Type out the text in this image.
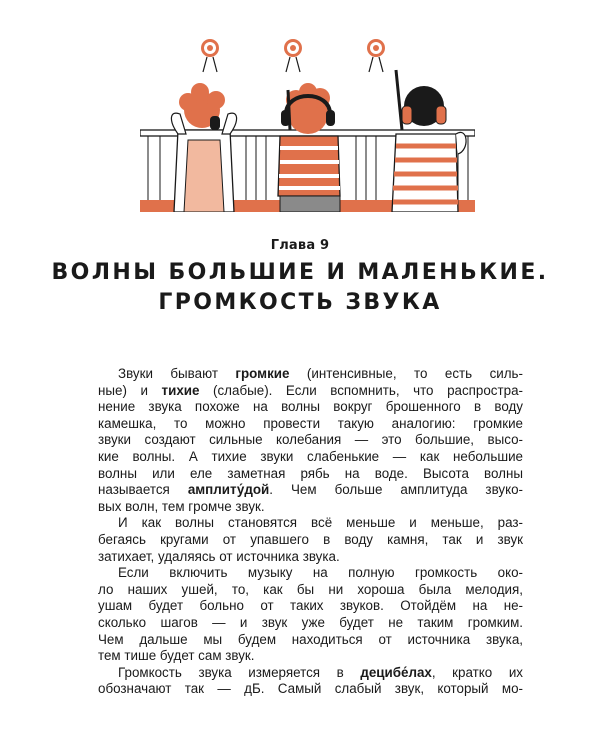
Глава 9
ВОЛНЫ БОЛЬШИЕ И МАЛЕНЬКИЕ.
ГРОМКОСТЬ ЗВУКА
Звуки бывают громкие (интенсивные, то есть силь-
ные) и тихие (слабые). Если вспомнить, что распростра-
нение звука похоже на волны вокруг брошенного в воду
камешка, то можно провести такую аналогию: громкие
звуки создают сильные колебания — это большие, высо-
кие волны. А тихие звуки слабенькие — как небольшие
волны или еле заметная рябь на воде. Высота волны
называется амплиту́дой. Чем больше амплитуда звуко-
вых волн, тем громче звук.
И как волны становятся всё меньше и меньше, раз-
бегаясь кругами от упавшего в воду камня, так и звук
затихает, удаляясь от источника звука.
Если включить музыку на полную громкость око-
ло наших ушей, то, как бы ни хороша была мелодия,
ушам будет больно от таких звуков. Отойдём на не-
сколько шагов — и звук уже будет не таким громким.
Чем дальше мы будем находиться от источника звука,
тем тише будет сам звук.
Громкость звука измеряется в децибе́лах, кратко их
обозначают так — дБ. Самый слабый звук, который мо-
